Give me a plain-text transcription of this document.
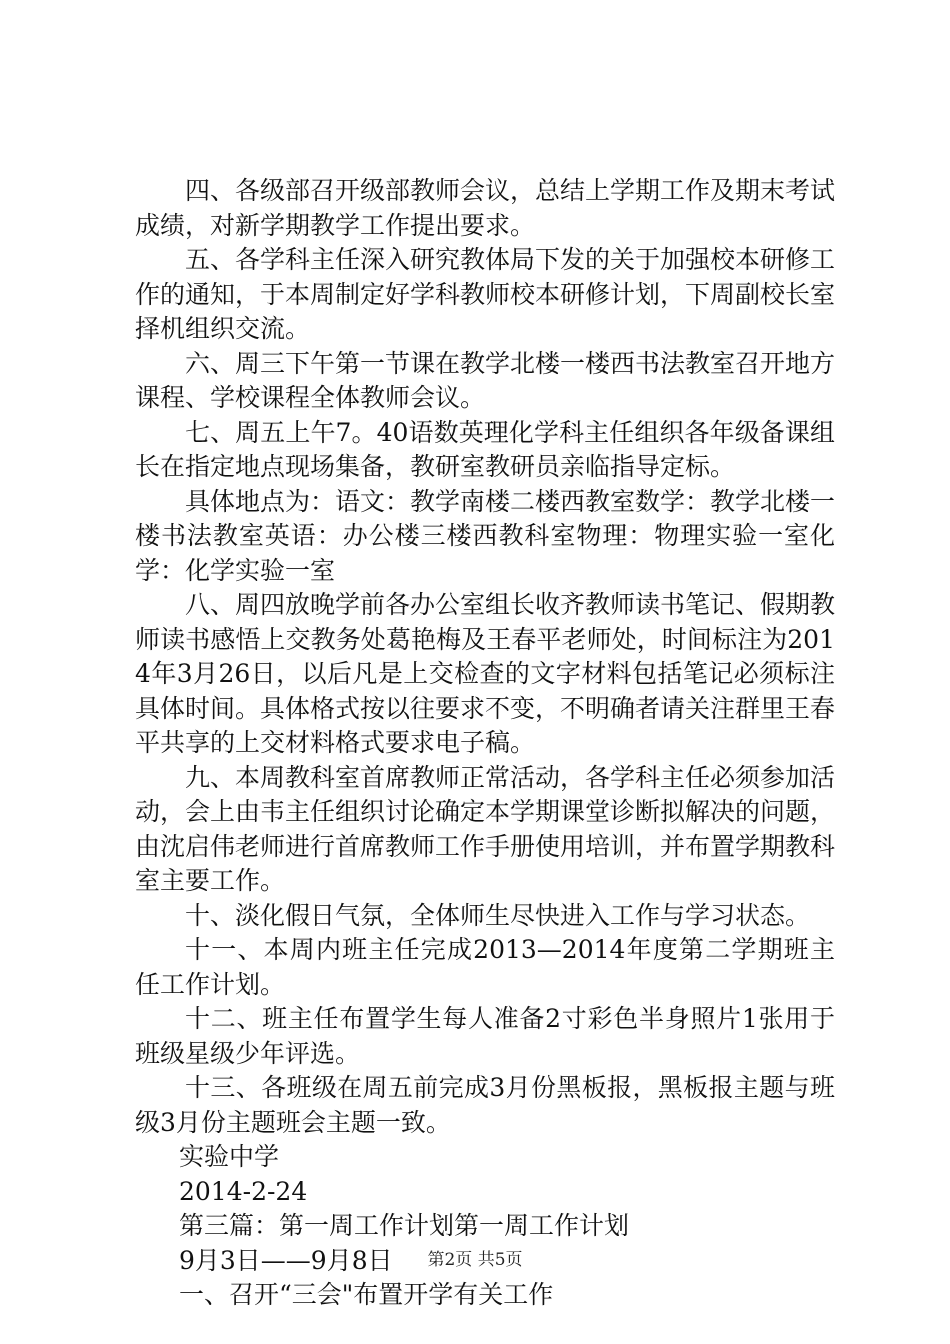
四、各级部召开级部教师会议，总结上学期工作及期末考试成绩，对新学期教学工作提出要求。

五、各学科主任深入研究教体局下发的关于加强校本研修工作的通知，于本周制定好学科教师校本研修计划，下周副校长室择机组织交流。

六、周三下午第一节课在教学北楼一楼西书法教室召开地方课程、学校课程全体教师会议。

七、周五上午7。40语数英理化学科主任组织各年级备课组长在指定地点现场集备，教研室教研员亲临指导定标。

具体地点为：语文：教学南楼二楼西教室数学：教学北楼一楼书法教室英语：办公楼三楼西教科室物理：物理实验一室化学：化学实验一室

八、周四放晚学前各办公室组长收齐教师读书笔记、假期教师读书感悟上交教务处葛艳梅及王春平老师处，时间标注为2014年3月26日，以后凡是上交检查的文字材料包括笔记必须标注具体时间。具体格式按以往要求不变，不明确者请关注群里王春平共享的上交材料格式要求电子稿。

九、本周教科室首席教师正常活动，各学科主任必须参加活动，会上由韦主任组织讨论确定本学期课堂诊断拟解决的问题，由沈启伟老师进行首席教师工作手册使用培训，并布置学期教科室主要工作。

十、淡化假日气氛，全体师生尽快进入工作与学习状态。

十一、本周内班主任完成2013—2014年度第二学期班主任工作计划。

十二、班主任布置学生每人准备2寸彩色半身照片1张用于班级星级少年评选。

十三、各班级在周五前完成3月份黑板报，黑板报主题与班级3月份主题班会主题一致。

实验中学

2014-2-24

第三篇：第一周工作计划第一周工作计划

9月3日——9月8日

一、召开“三会"布置开学有关工作

第2页 共5页
